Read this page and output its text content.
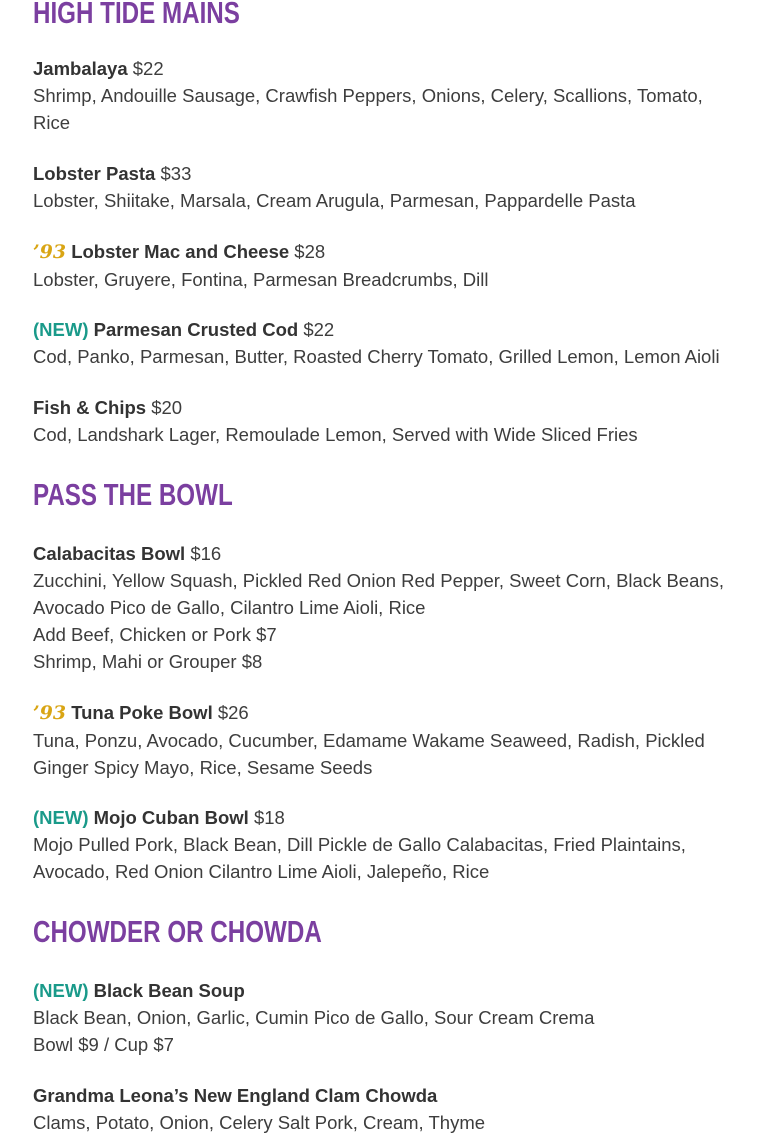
HIGH TIDE MAINS
Jambalaya $22
Shrimp, Andouille Sausage, Crawfish Peppers, Onions, Celery, Scallions, Tomato, Rice
Lobster Pasta $33
Lobster, Shiitake, Marsala, Cream Arugula, Parmesan, Pappardelle Pasta
’93 Lobster Mac and Cheese $28
Lobster, Gruyere, Fontina, Parmesan Breadcrumbs, Dill
(NEW) Parmesan Crusted Cod $22
Cod, Panko, Parmesan, Butter, Roasted Cherry Tomato, Grilled Lemon, Lemon Aioli
Fish & Chips $20
Cod, Landshark Lager, Remoulade Lemon, Served with Wide Sliced Fries
PASS THE BOWL
Calabacitas Bowl $16
Zucchini, Yellow Squash, Pickled Red Onion Red Pepper, Sweet Corn, Black Beans, Avocado Pico de Gallo, Cilantro Lime Aioli, Rice
Add Beef, Chicken or Pork $7
Shrimp, Mahi or Grouper $8
’93 Tuna Poke Bowl $26
Tuna, Ponzu, Avocado, Cucumber, Edamame Wakame Seaweed, Radish, Pickled Ginger Spicy Mayo, Rice, Sesame Seeds
(NEW) Mojo Cuban Bowl $18
Mojo Pulled Pork, Black Bean, Dill Pickle de Gallo Calabacitas, Fried Plaintains, Avocado, Red Onion Cilantro Lime Aioli, Jalepeño, Rice
CHOWDER OR CHOWDA
(NEW) Black Bean Soup
Black Bean, Onion, Garlic, Cumin Pico de Gallo, Sour Cream Crema
Bowl $9 / Cup $7
Grandma Leona’s New England Clam Chowda
Clams, Potato, Onion, Celery Salt Pork, Cream, Thyme
